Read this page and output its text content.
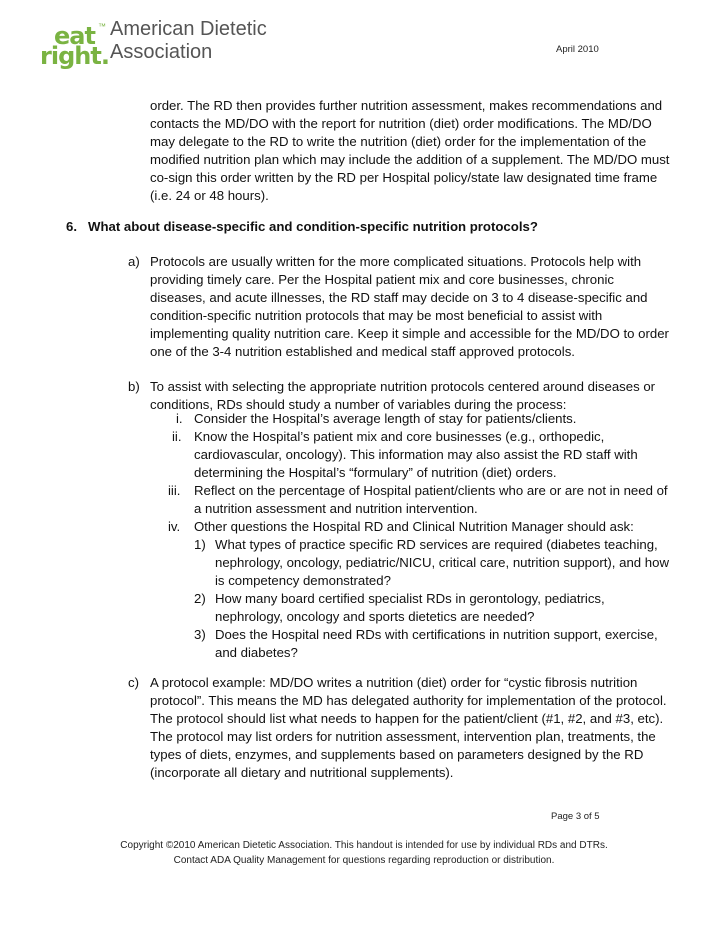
eat ™
right.
American Dietetic
Association	April 2010
order. The RD then provides further nutrition assessment, makes recommendations and contacts the MD/DO with the report for nutrition (diet) order modifications. The MD/DO may delegate to the RD to write the nutrition (diet) order for the implementation of the modified nutrition plan which may include the addition of a supplement. The MD/DO must co-sign this order written by the RD per Hospital policy/state law designated time frame (i.e. 24 or 48 hours).
6. What about disease-specific and condition-specific nutrition protocols?
a) Protocols are usually written for the more complicated situations. Protocols help with providing timely care. Per the Hospital patient mix and core businesses, chronic diseases, and acute illnesses, the RD staff may decide on 3 to 4 disease-specific and condition-specific nutrition protocols that may be most beneficial to assist with implementing quality nutrition care. Keep it simple and accessible for the MD/DO to order one of the 3-4 nutrition established and medical staff approved protocols.
b) To assist with selecting the appropriate nutrition protocols centered around diseases or conditions, RDs should study a number of variables during the process:
i. Consider the Hospital’s average length of stay for patients/clients.
ii. Know the Hospital’s patient mix and core businesses (e.g., orthopedic, cardiovascular, oncology). This information may also assist the RD staff with determining the Hospital’s “formulary” of nutrition (diet) orders.
iii. Reflect on the percentage of Hospital patient/clients who are or are not in need of a nutrition assessment and nutrition intervention.
iv. Other questions the Hospital RD and Clinical Nutrition Manager should ask:
1) What types of practice specific RD services are required (diabetes teaching, nephrology, oncology, pediatric/NICU, critical care, nutrition support), and how is competency demonstrated?
2) How many board certified specialist RDs in gerontology, pediatrics, nephrology, oncology and sports dietetics are needed?
3) Does the Hospital need RDs with certifications in nutrition support, exercise, and diabetes?
c) A protocol example: MD/DO writes a nutrition (diet) order for “cystic fibrosis nutrition protocol”. This means the MD has delegated authority for implementation of the protocol. The protocol should list what needs to happen for the patient/client (#1, #2, and #3, etc). The protocol may list orders for nutrition assessment, intervention plan, treatments, the types of diets, enzymes, and supplements based on parameters designed by the RD (incorporate all dietary and nutritional supplements).
Page 3 of 5
Copyright ©2010 American Dietetic Association. This handout is intended for use by individual RDs and DTRs.
Contact ADA Quality Management for questions regarding reproduction or distribution.
